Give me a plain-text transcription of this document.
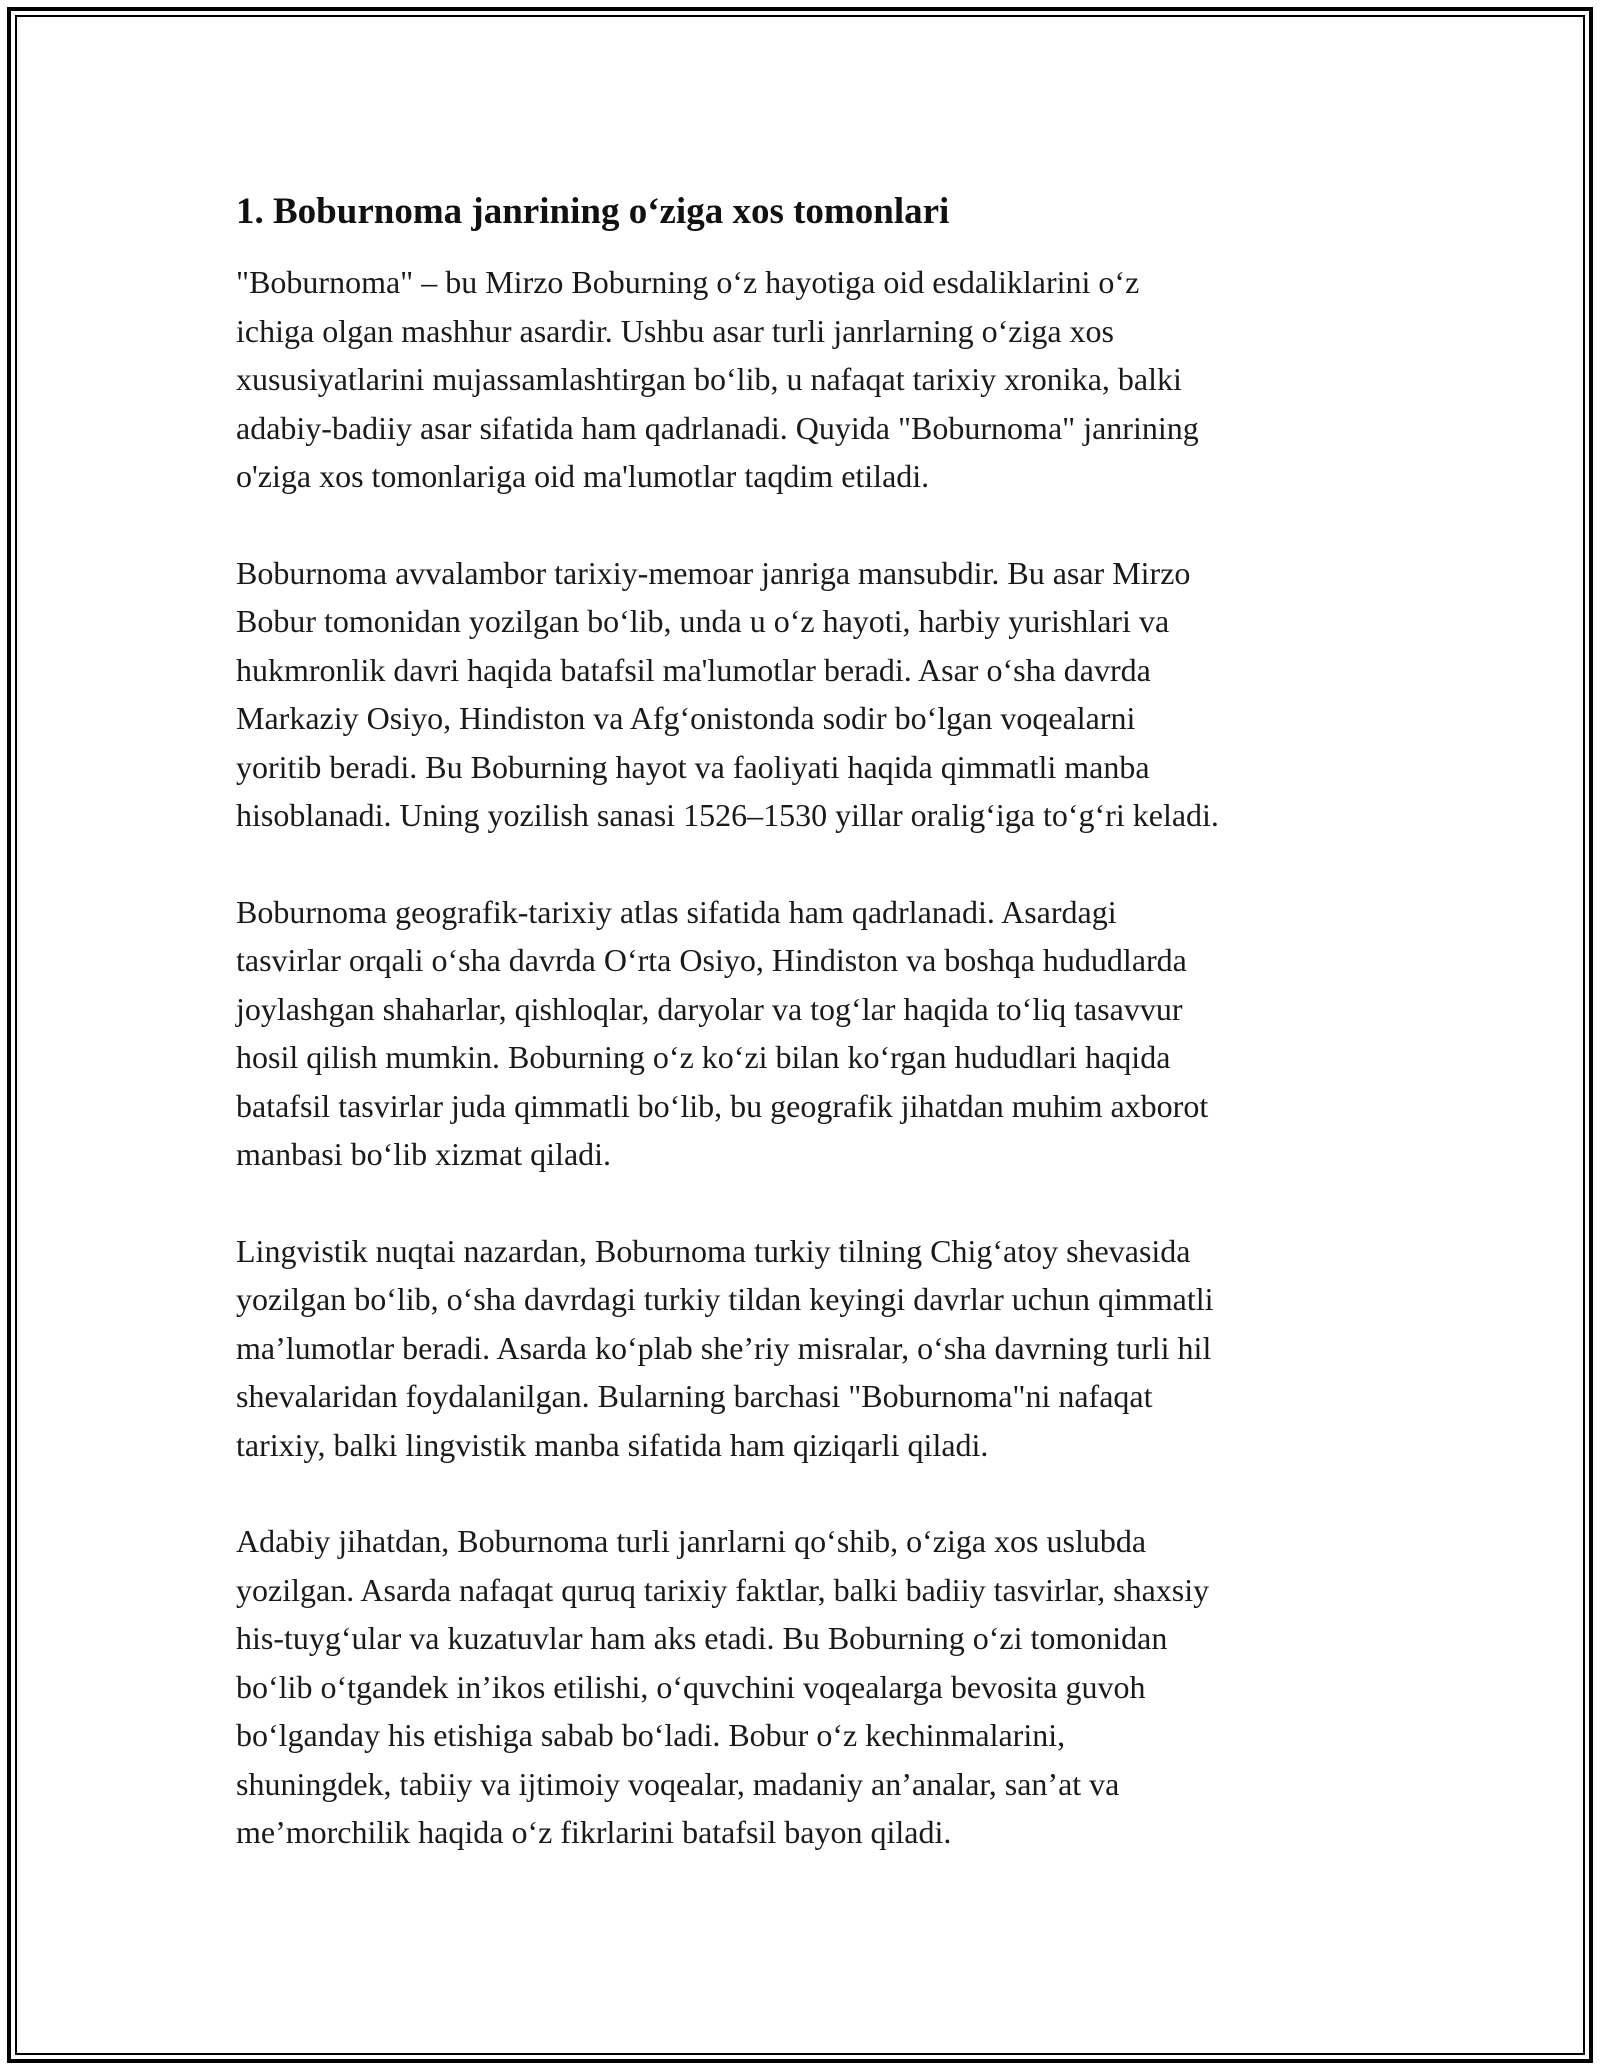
1. Boburnoma janrining o‘ziga xos tomonlari

"Boburnoma" – bu Mirzo Boburning o‘z hayotiga oid esdaliklarini o‘z
ichiga olgan mashhur asardir. Ushbu asar turli janrlarning o‘ziga xos
xususiyatlarini mujassamlashtirgan bo‘lib, u nafaqat tarixiy xronika, balki
adabiy-badiiy asar sifatida ham qadrlanadi. Quyida "Boburnoma" janrining
o'ziga xos tomonlariga oid ma'lumotlar taqdim etiladi.

Boburnoma avvalambor tarixiy-memoar janriga mansubdir. Bu asar Mirzo
Bobur tomonidan yozilgan bo‘lib, unda u o‘z hayoti, harbiy yurishlari va
hukmronlik davri haqida batafsil ma'lumotlar beradi. Asar o‘sha davrda
Markaziy Osiyo, Hindiston va Afg‘onistonda sodir bo‘lgan voqealarni
yoritib beradi. Bu Boburning hayot va faoliyati haqida qimmatli manba
hisoblanadi. Uning yozilish sanasi 1526–1530 yillar oralig‘iga to‘g‘ri keladi.

Boburnoma geografik-tarixiy atlas sifatida ham qadrlanadi. Asardagi
tasvirlar orqali o‘sha davrda O‘rta Osiyo, Hindiston va boshqa hududlarda
joylashgan shaharlar, qishloqlar, daryolar va tog‘lar haqida to‘liq tasavvur
hosil qilish mumkin. Boburning o‘z ko‘zi bilan ko‘rgan hududlari haqida
batafsil tasvirlar juda qimmatli bo‘lib, bu geografik jihatdan muhim axborot
manbasi bo‘lib xizmat qiladi.

Lingvistik nuqtai nazardan, Boburnoma turkiy tilning Chig‘atoy shevasida
yozilgan bo‘lib, o‘sha davrdagi turkiy tildan keyingi davrlar uchun qimmatli
ma’lumotlar beradi. Asarda ko‘plab she’riy misralar, o‘sha davrning turli hil
shevalaridan foydalanilgan. Bularning barchasi "Boburnoma"ni nafaqat
tarixiy, balki lingvistik manba sifatida ham qiziqarli qiladi.

Adabiy jihatdan, Boburnoma turli janrlarni qo‘shib, o‘ziga xos uslubda
yozilgan. Asarda nafaqat quruq tarixiy faktlar, balki badiiy tasvirlar, shaxsiy
his-tuyg‘ular va kuzatuvlar ham aks etadi. Bu Boburning o‘zi tomonidan
bo‘lib o‘tgandek in’ikos etilishi, o‘quvchini voqealarga bevosita guvoh
bo‘lganday his etishiga sabab bo‘ladi. Bobur o‘z kechinmalarini,
shuningdek, tabiiy va ijtimoiy voqealar, madaniy an’analar, san’at va
me’morchilik haqida o‘z fikrlarini batafsil bayon qiladi.
